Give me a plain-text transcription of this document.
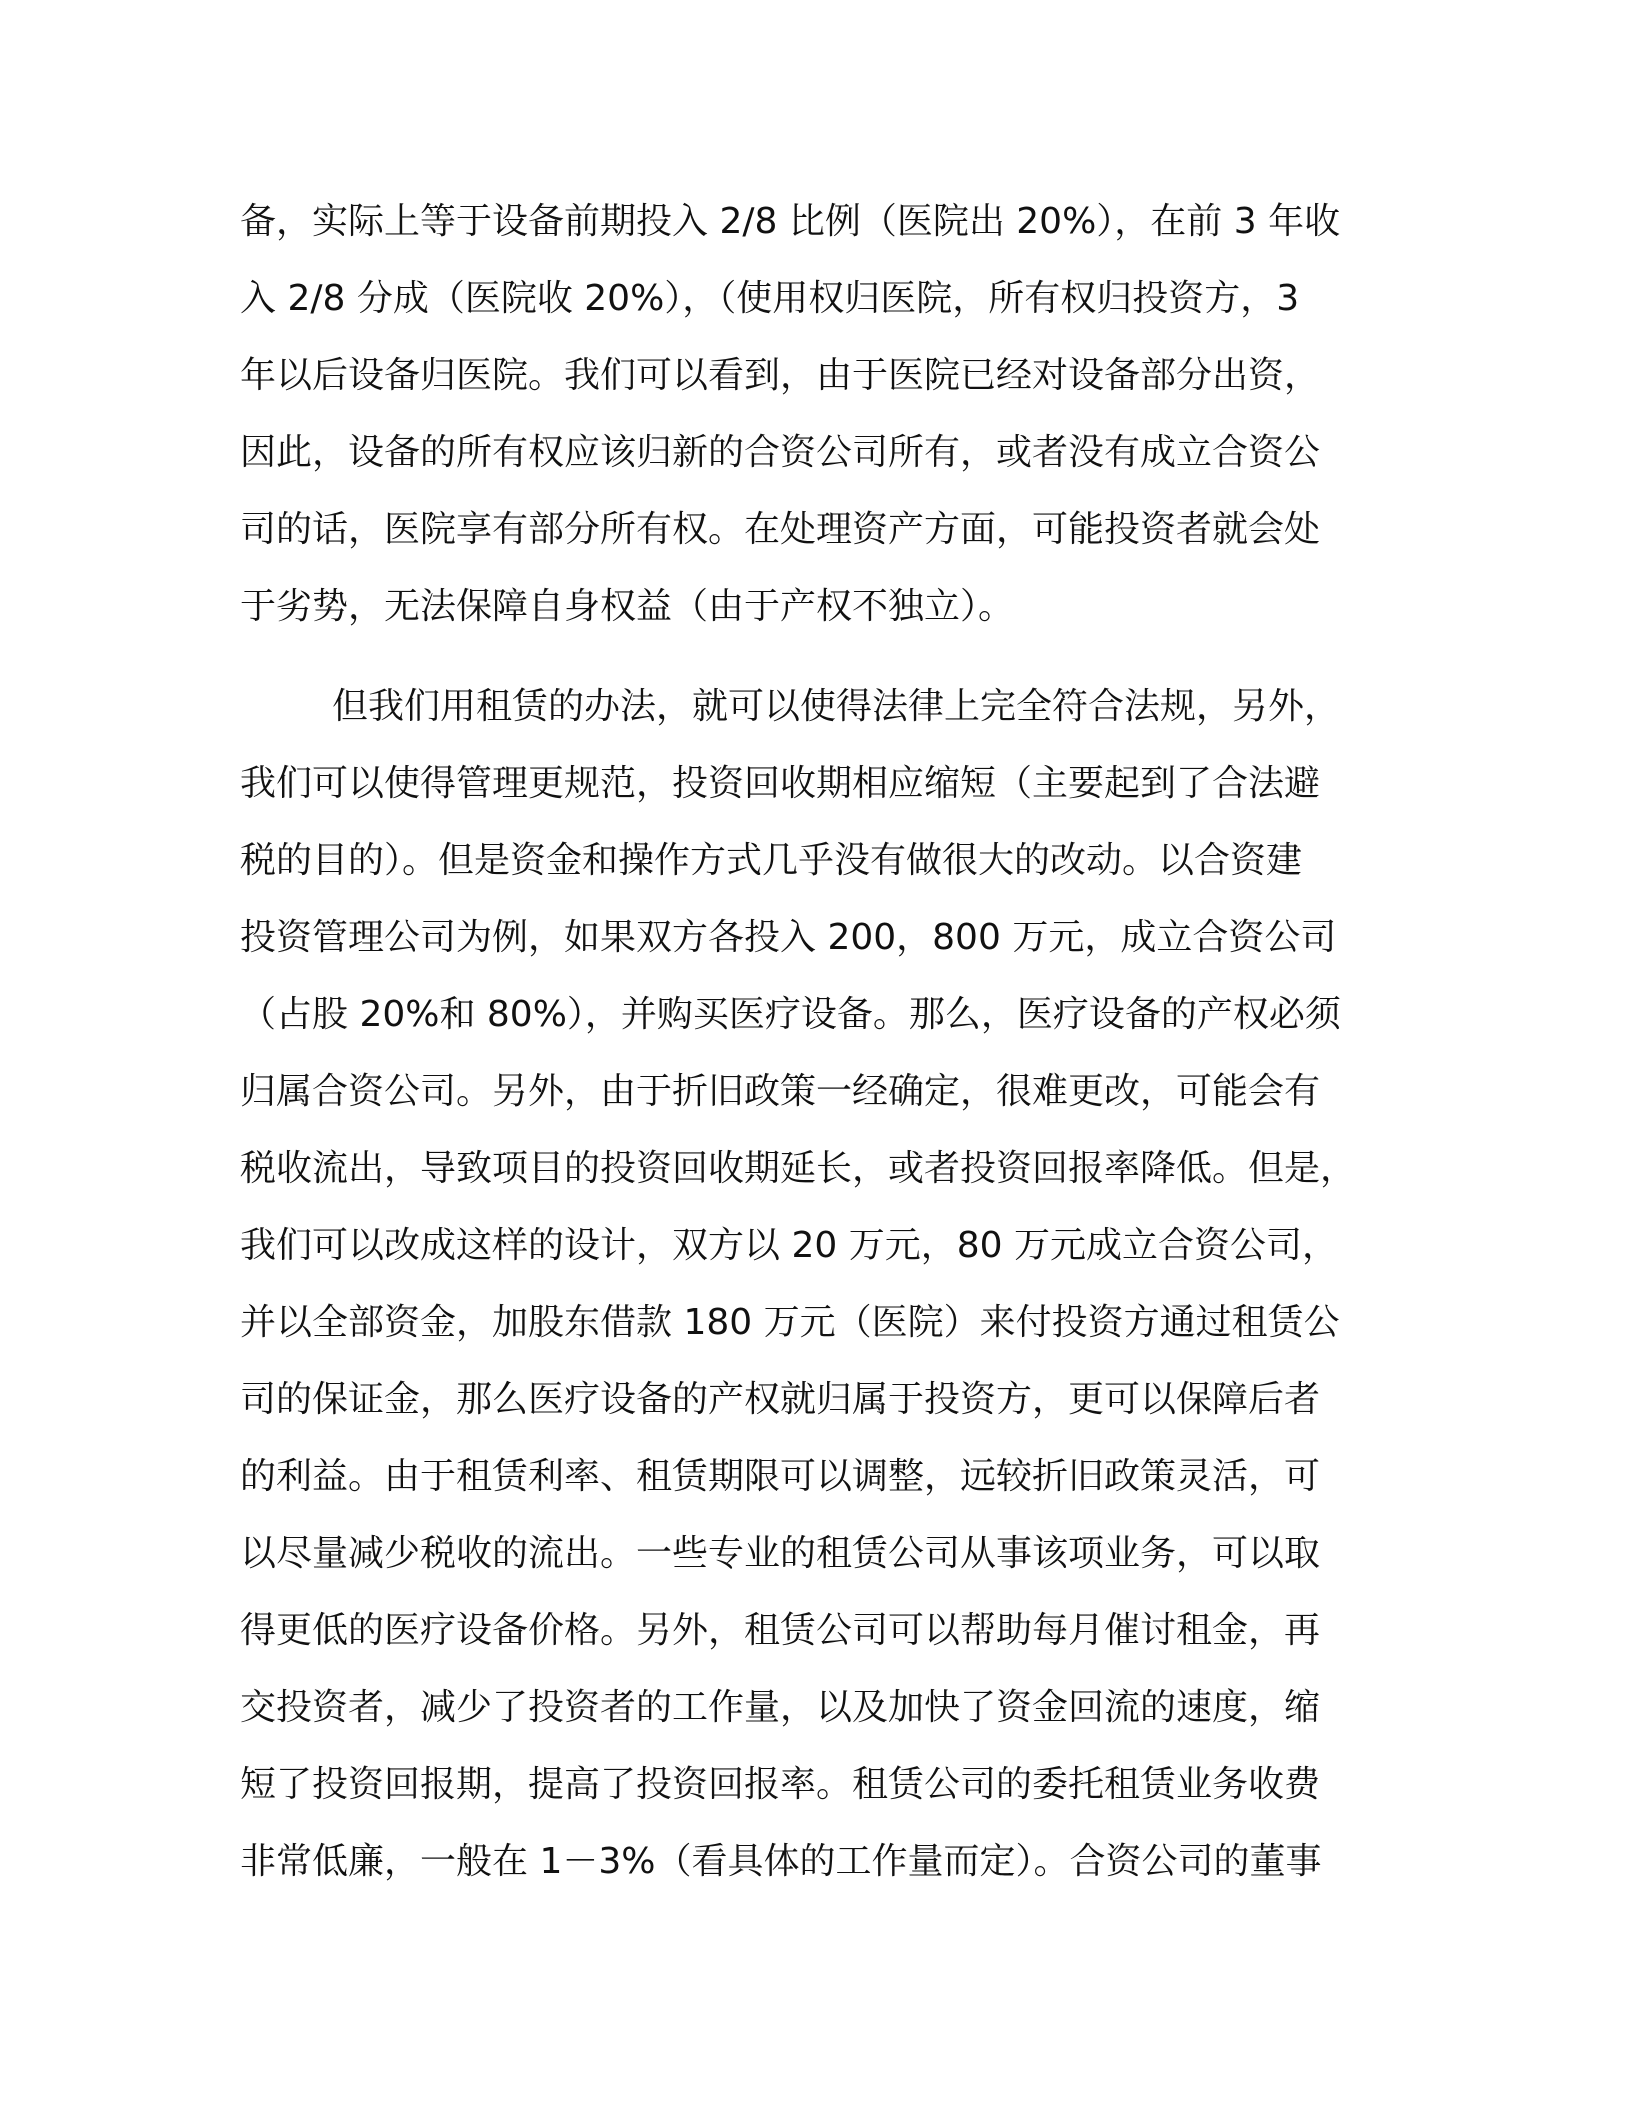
备，实际上等于设备前期投入 2/8 比例（医院出 20%），在前 3 年收
入 2/8 分成（医院收 20%），（使用权归医院，所有权归投资方，3
年以后设备归医院。我们可以看到，由于医院已经对设备部分出资，
因此，设备的所有权应该归新的合资公司所有，或者没有成立合资公
司的话，医院享有部分所有权。在处理资产方面，可能投资者就会处
于劣势，无法保障自身权益（由于产权不独立）。
但我们用租赁的办法，就可以使得法律上完全符合法规，另外，
我们可以使得管理更规范，投资回收期相应缩短（主要起到了合法避
税的目的）。但是资金和操作方式几乎没有做很大的改动。以合资建
投资管理公司为例，如果双方各投入 200，800 万元，成立合资公司
（占股 20%和 80%），并购买医疗设备。那么，医疗设备的产权必须
归属合资公司。另外，由于折旧政策一经确定，很难更改，可能会有
税收流出，导致项目的投资回收期延长，或者投资回报率降低。但是，
我们可以改成这样的设计，双方以 20 万元，80 万元成立合资公司，
并以全部资金，加股东借款 180 万元（医院）来付投资方通过租赁公
司的保证金，那么医疗设备的产权就归属于投资方，更可以保障后者
的利益。由于租赁利率、租赁期限可以调整，远较折旧政策灵活，可
以尽量减少税收的流出。一些专业的租赁公司从事该项业务，可以取
得更低的医疗设备价格。另外，租赁公司可以帮助每月催讨租金，再
交投资者，减少了投资者的工作量，以及加快了资金回流的速度，缩
短了投资回报期，提高了投资回报率。租赁公司的委托租赁业务收费
非常低廉，一般在 1－3%（看具体的工作量而定）。合资公司的董事
